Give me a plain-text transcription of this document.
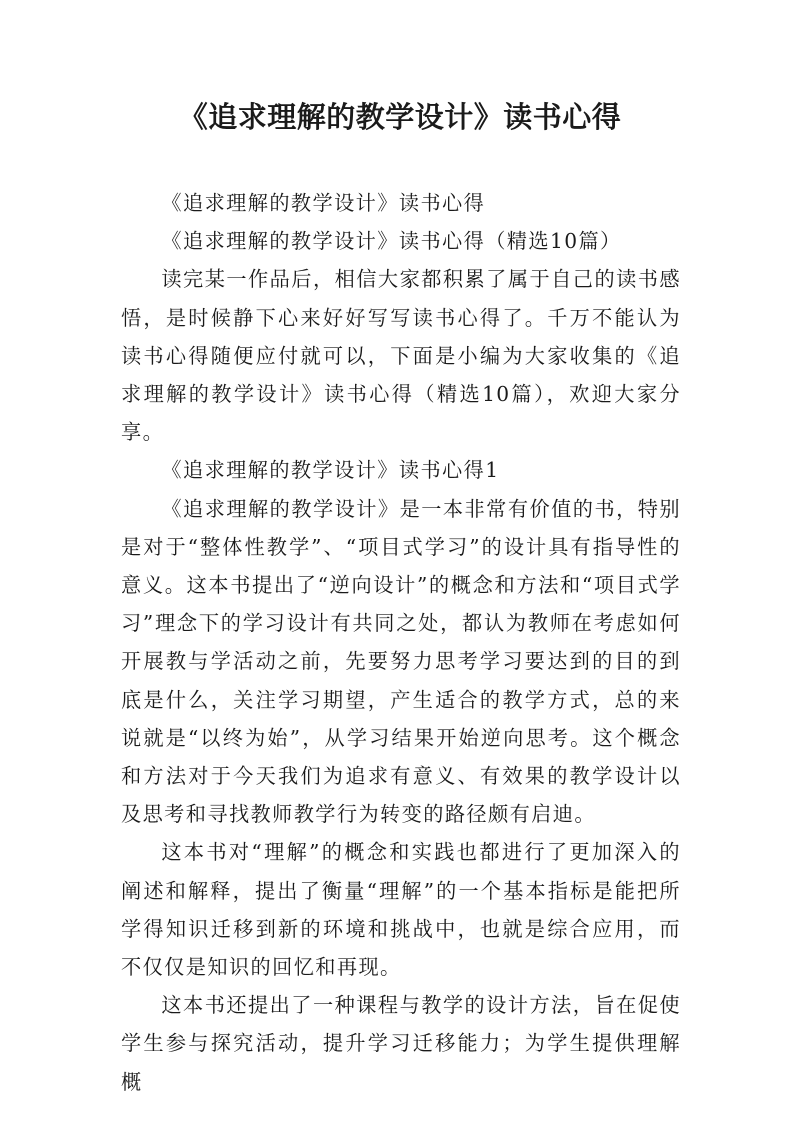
《追求理解的教学设计》读书心得

《追求理解的教学设计》读书心得

《追求理解的教学设计》读书心得（精选10篇）

读完某一作品后，相信大家都积累了属于自己的读书感悟，是时候静下心来好好写写读书心得了。千万不能认为读书心得随便应付就可以，下面是小编为大家收集的《追求理解的教学设计》读书心得（精选10篇），欢迎大家分享。

《追求理解的教学设计》读书心得1

《追求理解的教学设计》是一本非常有价值的书，特别是对于“整体性教学”、“项目式学习”的设计具有指导性的意义。这本书提出了“逆向设计”的概念和方法和“项目式学习”理念下的学习设计有共同之处，都认为教师在考虑如何开展教与学活动之前，先要努力思考学习要达到的目的到底是什么，关注学习期望，产生适合的教学方式，总的来说就是“以终为始”，从学习结果开始逆向思考。这个概念和方法对于今天我们为追求有意义、有效果的教学设计以及思考和寻找教师教学行为转变的路径颇有启迪。

这本书对“理解”的概念和实践也都进行了更加深入的阐述和解释，提出了衡量“理解”的一个基本指标是能把所学得知识迁移到新的环境和挑战中，也就是综合应用，而不仅仅是知识的回忆和再现。

这本书还提出了一种课程与教学的设计方法，旨在促使学生参与探究活动，提升学习迁移能力；为学生提供理解概
